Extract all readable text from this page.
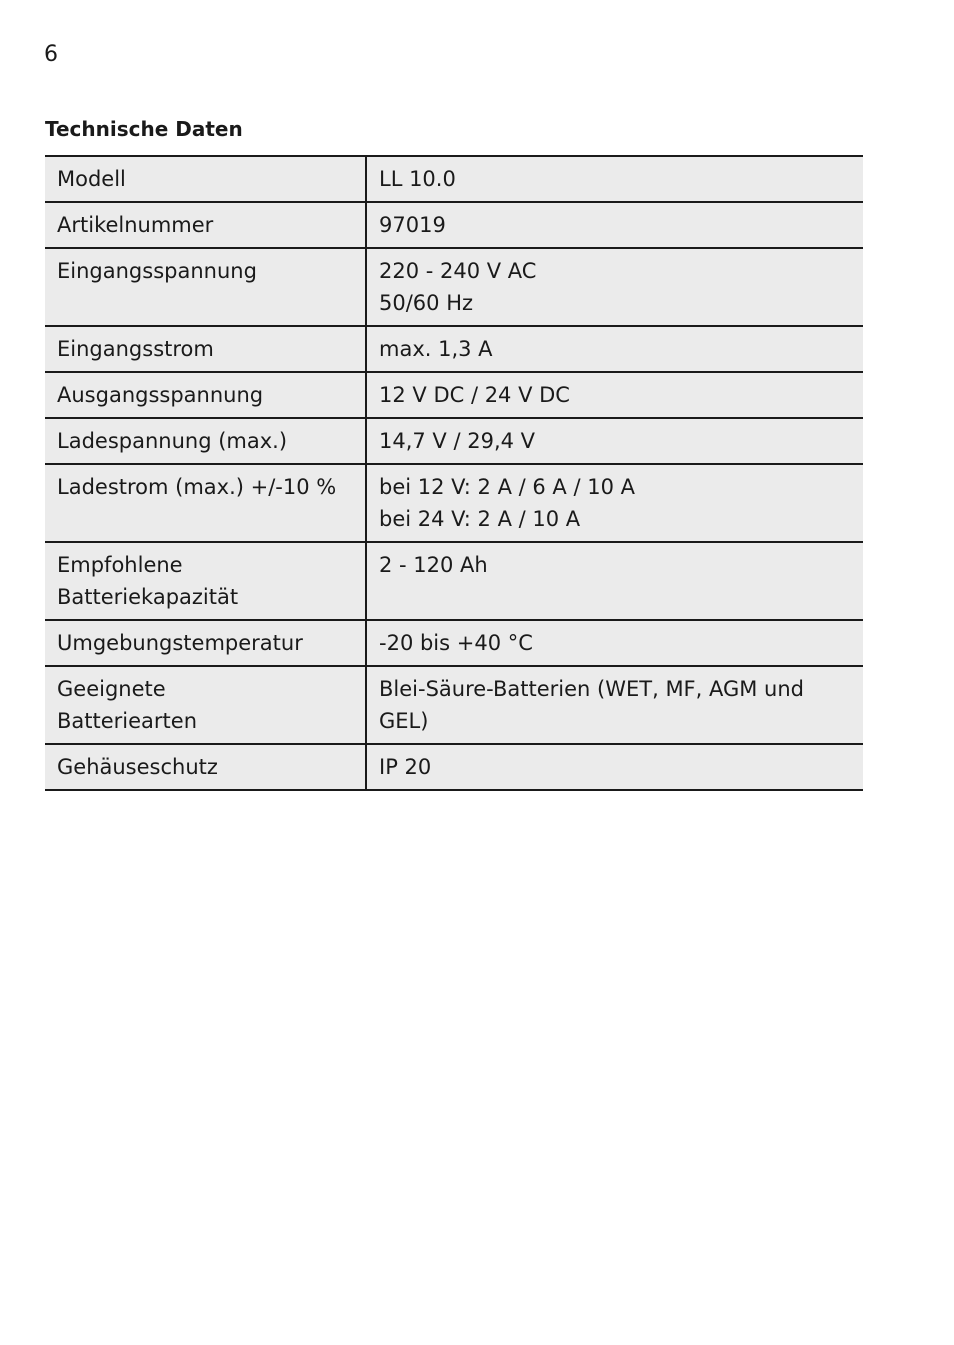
6
Technische Daten
Modell	LL 10.0

Artikelnummer	97019

Eingangsspannung	220 - 240 V AC
50/60 Hz

Eingangsstrom	max. 1,3 A

Ausgangsspannung	12 V DC / 24 V DC

Ladespannung (max.)	14,7 V / 29,4 V

Ladestrom (max.) +/-10 %	bei 12 V: 2 A / 6 A / 10 A
bei 24 V: 2 A / 10 A

Empfohlene
Batteriekapazität	2 - 120 Ah

Umgebungstemperatur	-20 bis +40 °C

Geeignete
Batteriearten	Blei-Säure-Batterien (WET, MF, AGM und GEL)

Gehäuseschutz	IP 20
